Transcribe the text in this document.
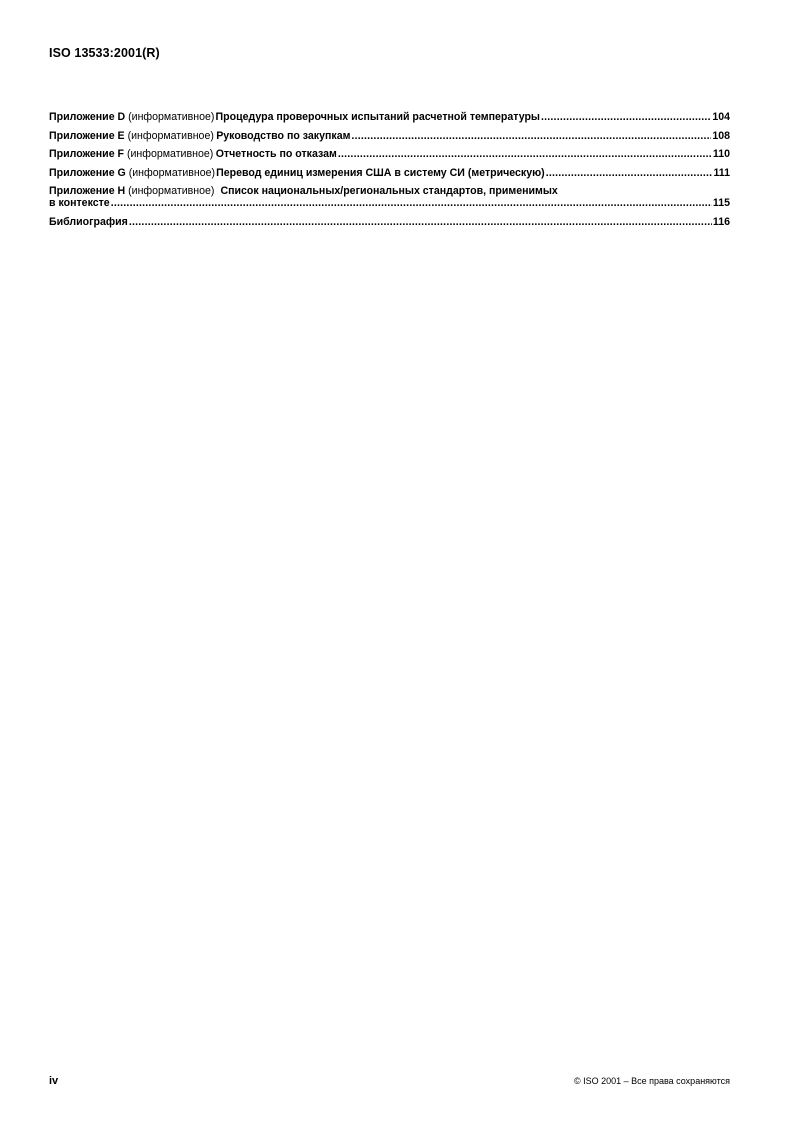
ISO 13533:2001(R)
Приложение D
(информативное) Процедура проверочных испытаний расчетной температуры .....	104
Приложение E
(информативное) Руководство по закупкам .....	108
Приложение F
(информативное) Отчетность по отказам .....	110
Приложение G
(информативное) Перевод единиц измерения США в систему СИ (метрическую) .....	111
Приложение H
(информативное) Список национальных/региональных стандартов, применимых
в контексте .....	115
Библиография .....	116
iv	© ISO 2001 – Все права сохраняются
